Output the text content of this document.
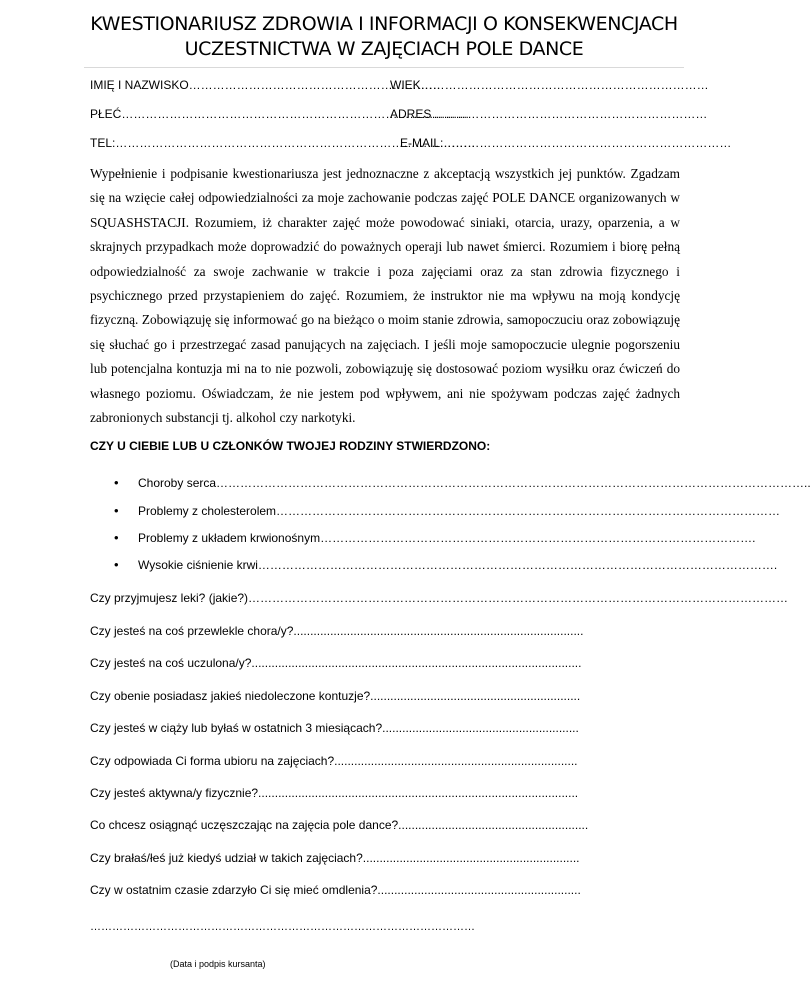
KWESTIONARIUSZ ZDROWIA I INFORMACJI O KONSEKWENCJACH
UCZESTNICTWA W ZAJĘCIACH POLE DANCE
IMIĘ I NAZWISKO………………………………………………………WIEK………………………………………………………………
PŁEĆ……………………………………………………………………………ADRES……………………………………………………………
TEL:………………………………………………………………………………E-MAIL:………………………………………………………………

Wypełnienie i podpisanie kwestionariusza jest jednoznaczne z akceptacją wszystkich jej punktów. Zgadzam się na wzięcie całej odpowiedzialności za moje zachowanie podczas zajęć POLE DANCE organizowanych w SQUASHSTACJI. Rozumiem, iż charakter zajęć może powodować siniaki, otarcia, urazy, oparzenia, a w skrajnych przypadkach może doprowadzić do poważnych operaji lub nawet śmierci. Rozumiem i biorę pełną odpowiedzialność za swoje zachwanie w trakcie i poza zajęciami oraz za stan zdrowia fizycznego i psychicznego przed przystapieniem do zajęć. Rozumiem, że instruktor nie ma wpływu na moją kondycję fizyczną. Zobowiązuję się informować go na bieżąco o moim stanie zdrowia, samopoczuciu oraz zobowiązuję się słuchać go i przestrzegać zasad panujących na zajęciach. I jeśli moje samopoczucie ulegnie pogorszeniu lub potencjalna kontuzja mi na to nie pozwoli, zobowiązuję się dostosować poziom wysiłku oraz ćwiczeń do własnego poziomu. Oświadczam, że nie jestem pod wpływem, ani nie spożywam podczas zajęć żadnych zabronionych substancji tj. alkohol czy narkotyki.

CZY U CIEBIE LUB U CZŁONKÓW TWOJEJ RODZINY STWIERDZONO:
• Choroby serca…………………………………………………………………………………………………………………………………..
• Problemy z cholesterolem………………………………………………………………………………………………………………
• Problemy z układem krwionośnym……………………………………………………………………………………………….
• Wysokie ciśnienie krwi………………………………………………………………………………………………………………….
Czy przyjmujesz leki? (jakie?)………………………………………………………………………………………………………………………
Czy jesteś na coś przewlekle chora/y?.......................................................................................
Czy jesteś na coś uczulona/y?...................................................................................................
Czy obenie posiadasz jakieś niedoleczone kontuzje?...............................................................
Czy jesteś w ciąży lub byłaś w ostatnich 3 miesiącach?...........................................................
Czy odpowiada Ci forma ubioru na zajęciach?.........................................................................
Czy jesteś aktywna/y fizycznie?................................................................................................
Co chcesz osiągnąć uczęszczając na zajęcia pole dance?.........................................................
Czy brałaś/łeś już kiedyś udział w takich zajęciach?.................................................................
Czy w ostatnim czasie zdarzyło Ci się mieć omdlenia?.............................................................
……………………………………………………………………………………………
(Data i podpis kursanta)
